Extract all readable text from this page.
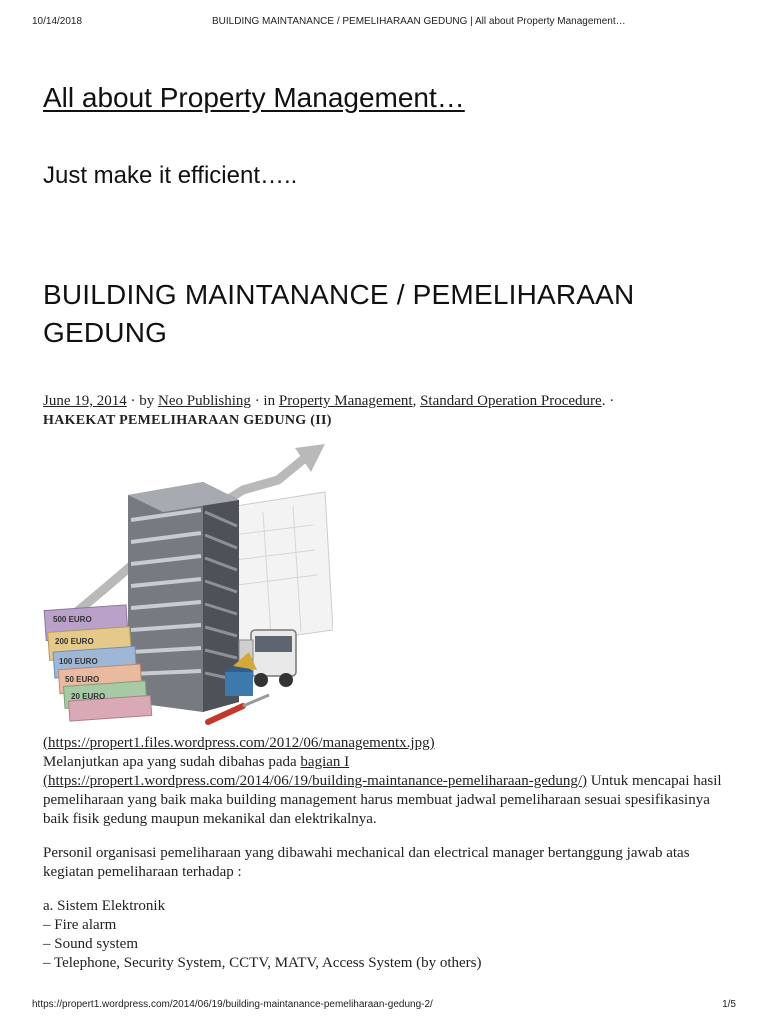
10/14/2018	BUILDING MAINTANANCE / PEMELIHARAAN GEDUNG | All about Property Management…
All about Property Management…

Just make it efficient…..

BUILDING MAINTANANCE / PEMELIHARAAN GEDUNG
June 19, 2014 · by Neo Publishing · in Property Management, Standard Operation Procedure. ·
HAKEKAT PEMELIHARAAN GEDUNG (II)
500 EURO
200 EURO
100 EURO
50 EURO
20 EURO

(https://propert1.files.wordpress.com/2012/06/managementx.jpg)

Melanjutkan apa yang sudah dibahas pada bagian I
(https://propert1.wordpress.com/2014/06/19/building-maintanance-pemeliharaan-gedung/) Untuk mencapai hasil pemeliharaan yang baik maka building management harus membuat jadwal pemeliharaan sesuai spesifikasinya baik fisik gedung maupun mekanikal dan elektrikalnya.

Personil organisasi pemeliharaan yang dibawahi mechanical dan electrical manager bertanggung jawab atas kegiatan pemeliharaan terhadap :

a. Sistem Elektronik

– Fire alarm

– Sound system

– Telephone, Security System, CCTV, MATV, Access System (by others)

https://propert1.wordpress.com/2014/06/19/building-maintanance-pemeliharaan-gedung-2/	1/5
